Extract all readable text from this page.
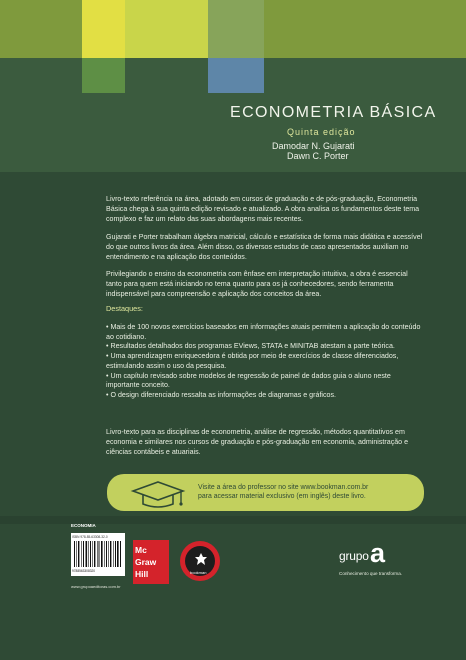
ECONOMETRIA BÁSICA
Quinta edição
Damodar N. Gujarati
Dawn C. Porter

Livro-texto referência na área, adotado em cursos de graduação e de pós-graduação, Econometria Básica chega à sua quinta edição revisado e atualizado. A obra analisa os fundamentos deste tema complexo e faz um relato das suas abordagens mais recentes.

Gujarati e Porter trabalham álgebra matricial, cálculo e estatística de forma mais didática e acessível do que outros livros da área. Além disso, os diversos estudos de caso apresentados auxiliam no entendimento e na aplicação dos conteúdos.

Privilegiando o ensino da econometria com ênfase em interpretação intuitiva, a obra é essencial tanto para quem está iniciando no tema quanto para os já conhecedores, sendo ferramenta indispensável para compreensão e aplicação dos conceitos da área.

Destaques:

• Mais de 100 novos exercícios baseados em informações atuais permitem a aplicação do conteúdo ao cotidiano.

• Resultados detalhados dos programas EViews, STATA e MINITAB atestam a parte teórica.

• Uma aprendizagem enriquecedora é obtida por meio de exercícios de classe diferenciados, estimulando assim o uso da pesquisa.

• Um capítulo revisado sobre modelos de regressão de painel de dados guia o aluno neste importante conceito.

• O design diferenciado ressalta as informações de diagramas e gráficos.

Livro-texto para as disciplinas de econometria, análise de regressão, métodos quantitativos em economia e similares nos cursos de graduação e pós-graduação em economia, administração e ciências contábeis e atuariais.

Visite a área do professor no site www.bookman.com.br
para acessar material exclusivo (em inglês) deste livro.
ECONOMIA
ISBN 978-85-63308-32-0
9788563308320
www.grupoaeditoras.com.br
Mc Graw Hill	bookman
grupo a
Conhecimento que transforma.
